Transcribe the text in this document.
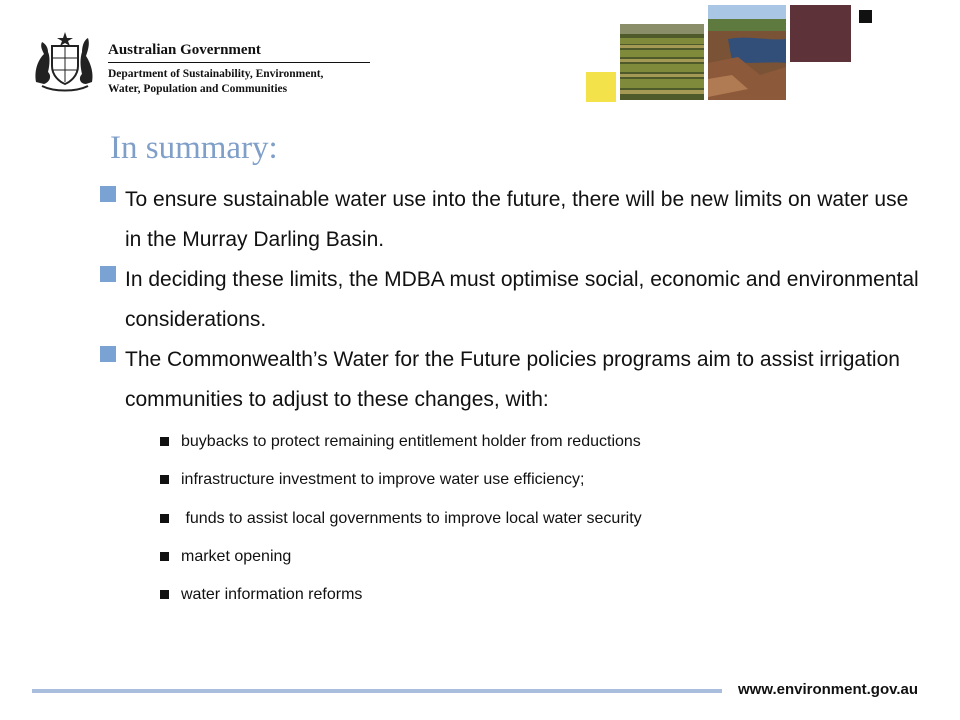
Australian Government
Department of Sustainability, Environment,
Water, Population and Communities
In summary:
To ensure sustainable water use into the future, there will be new limits on water use in the Murray Darling Basin.
In deciding these limits, the MDBA must optimise social, economic and environmental considerations.
The Commonwealth’s Water for the Future policies programs aim to assist irrigation communities to adjust to these changes, with:
buybacks to protect remaining entitlement holder from reductions
infrastructure investment to improve water use efficiency;
funds to assist local governments to improve local water security
market opening
water information reforms
www.environment.gov.au
